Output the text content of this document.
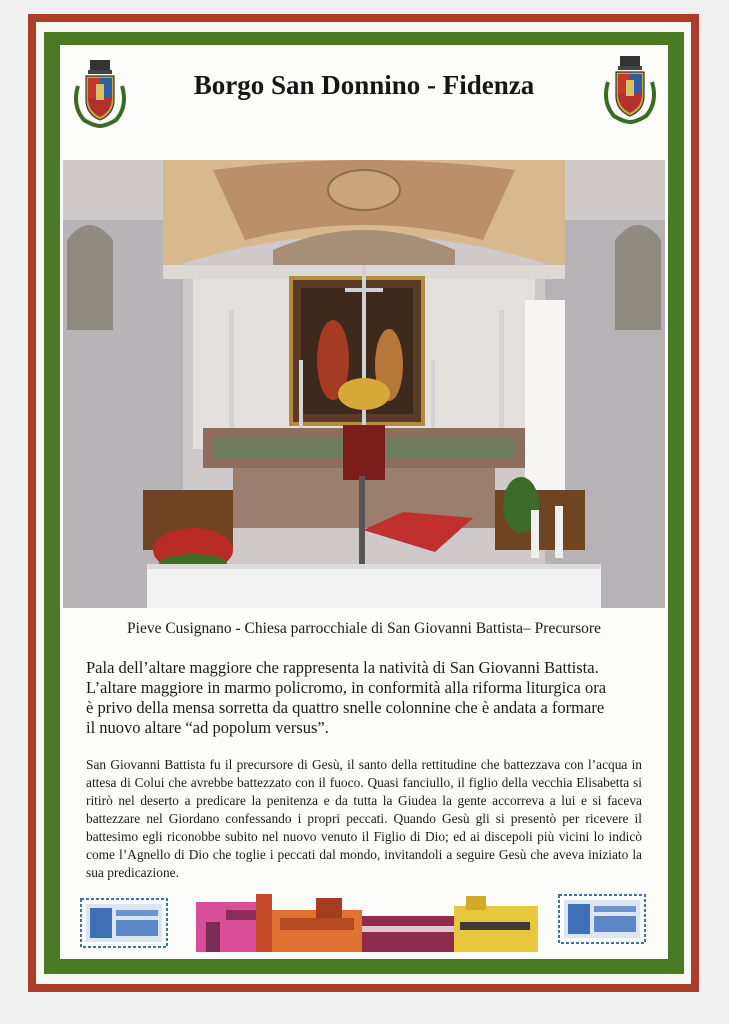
Borgo San Donnino - Fidenza
Pieve Cusignano - Chiesa parrocchiale di San Giovanni Battista– Precursore
Pala dell’altare maggiore che rappresenta la natività di San Giovanni Battista.
L’altare maggiore in marmo policromo, in conformità alla riforma liturgica ora
è privo della mensa sorretta da quattro snelle colonnine che è andata a formare
il nuovo altare “ad popolum versus”.
San Giovanni Battista fu il precursore di Gesù, il santo della rettitudine che battezzava con l’acqua in attesa di Colui che avrebbe battezzato con il fuoco. Quasi fanciullo, il figlio della vecchia Elisabetta si ritirò nel deserto a predicare la penitenza e da tutta la Giudea la gente accorreva a lui e si faceva battezzare nel Giordano confessando i propri peccati. Quando Gesù gli si presentò per ricevere il battesimo egli riconobbe subito nel nuovo venuto il Figlio di Dio; ed ai discepoli più vicini lo indicò come l’Agnello di Dio che toglie i peccati dal mondo, invitandoli a seguire Gesù che aveva iniziato la sua predicazione.
